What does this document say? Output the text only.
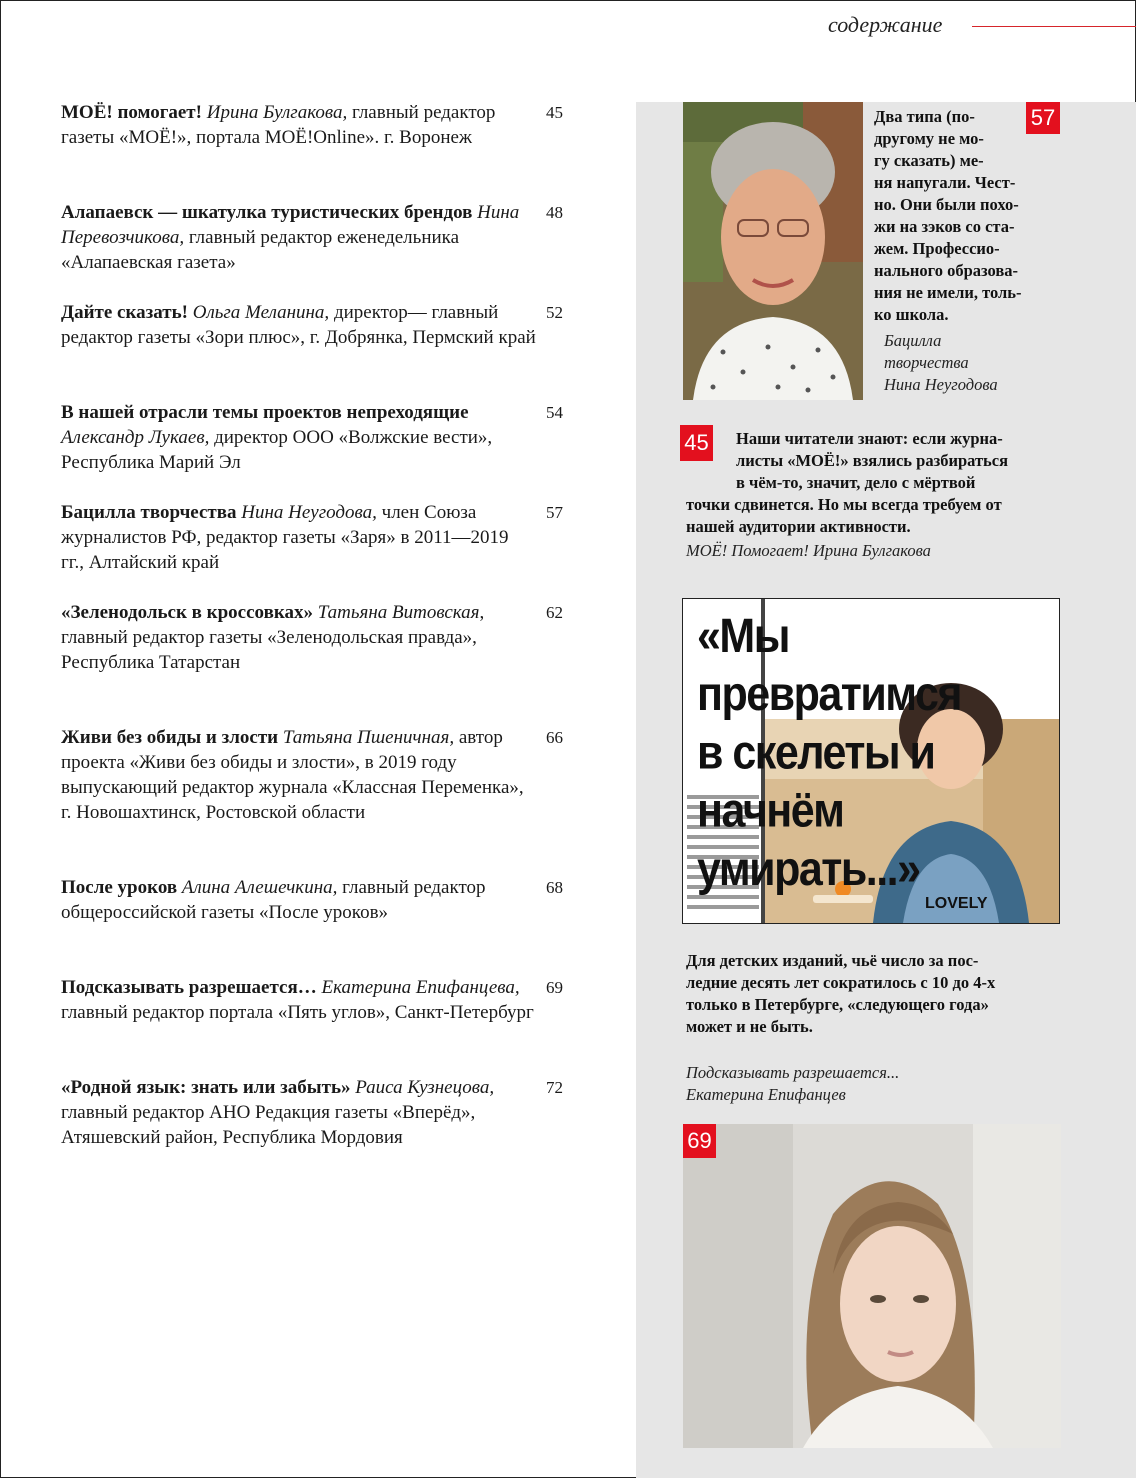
содержание
МОЁ! помогает! Ирина Булгакова, главный редактор газеты «МОЁ!», портала МОЁ!Online». г. Воронеж
45
Алапаевск — шкатулка туристических брендов Нина Перевозчикова, главный редактор еженедельника «Алапаевская газета»
48
Дайте сказать! Ольга Меланина, директор— главный редактор газеты «Зори плюс», г. Добрянка, Пермский край
52
В нашей отрасли темы проектов непреходящие Александр Лукаев, директор ООО «Волжские вести», Республика Марий Эл
54
Бацилла творчества Нина Неугодова, член Союза журналистов РФ, редактор газеты «Заря» в 2011—2019 гг., Алтайский край
57
«Зеленодольск в кроссовках» Татьяна Витовская, главный редактор газеты «Зеленодольская правда», Республика Татарстан
62
Живи без обиды и злости Татьяна Пшеничная, автор проекта «Живи без обиды и злости», в 2019 году выпускающий редактор журнала «Классная Переменка», г. Новошахтинск, Ростовской области
66
После уроков Алина Алешечкина, главный редактор общероссийской газеты «После уроков»
68
Подсказывать разрешается… Екатерина Епифанцева, главный редактор портала «Пять углов», Санкт-Петербург
69
«Родной язык: знать или забыть» Раиса Кузнецова, главный редактор АНО Редакция газеты «Вперёд», Атяшевский район, Республика Мордовия
72
57
Два типа (по-
другому не мо-
гу сказать) ме-
ня напугали. Чест-
но. Они были похо-
жи на зэков со ста-
жем. Профессио-
нального образова-
ния не имели, толь-
ко школа.
Бацилла
творчества
Нина Неугодова
45 Наши читатели знают: если журна-
листы «МОЁ!» взялись разбираться
в чём-то, значит, дело с мёртвой
точки сдвинется. Но мы всегда требуем от
нашей аудитории активности.
МОЁ! Помогает! Ирина Булгакова
«Мы превратимся
в скелеты и начнём
умирать...»
LOVELY
Для детских изданий, чьё число за пос-
ледние десять лет сократилось с 10 до 4-х
только в Петербурге, «следующего года»
может и не быть.
Подсказывать разрешается...
Екатерина Епифанцев
69
